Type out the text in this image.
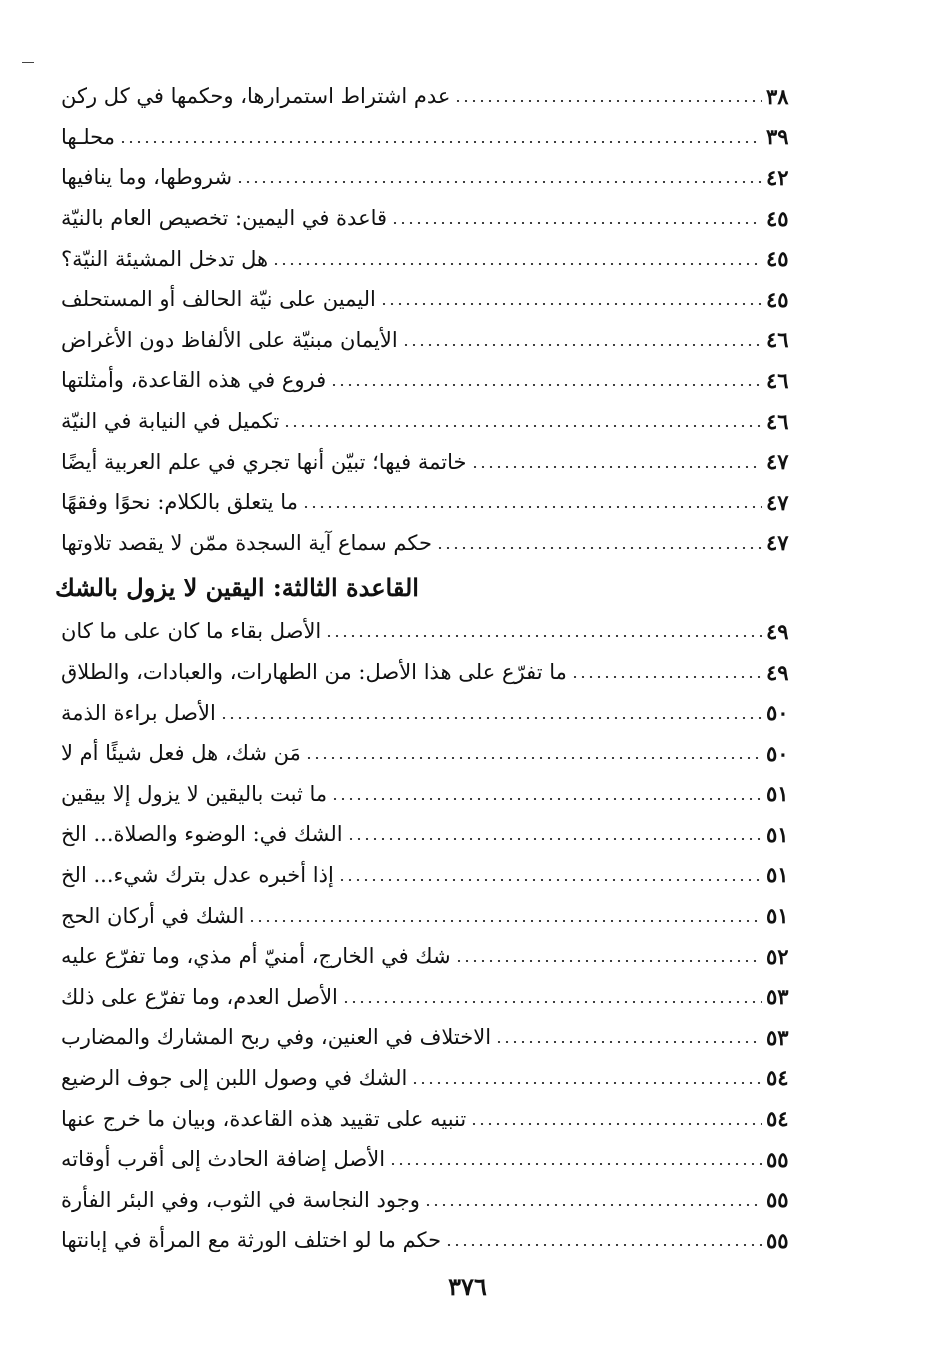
عدم اشتراط استمرارها، وحكمها في كل ركن	٣٨
محلـها	٣٩
شروطها، وما ينافيها	٤٢
قاعدة في اليمين: تخصيص العام بالنيّة	٤٥
هل تدخل المشيئة النيّة؟	٤٥
اليمين على نيّة الحالف أو المستحلف	٤٥
الأيمان مبنيّة على الألفاظ دون الأغراض	٤٦
فروع في هذه القاعدة، وأمثلتها	٤٦
تكميل في النيابة في النيّة	٤٦
خاتمة فيها؛ تبيّن أنها تجري في علم العربية أيضًا	٤٧
ما يتعلق بالكلام: نحوًا وفقهًا	٤٧
حكم سماع آية السجدة ممّن لا يقصد تلاوتها	٤٧
القاعدة الثالثة: اليقين لا يزول بالشك
الأصل بقاء ما كان على ما كان	٤٩
ما تفرّع على هذا الأصل: من الطهارات، والعبادات، والطلاق	٤٩
الأصل براءة الذمة	٥٠
مَن شك، هل فعل شيئًا أم لا	٥٠
ما ثبت باليقين لا يزول إلا بيقين	٥١
الشك في: الوضوء والصلاة... الخ	٥١
إذا أخبره عدل بترك شيء... الخ	٥١
الشك في أركان الحج	٥١
شك في الخارج، أمنيّ أم مذي، وما تفرّع عليه	٥٢
الأصل العدم، وما تفرّع على ذلك	٥٣
الاختلاف في العنين، وفي ربح المشارك والمضارب	٥٣
الشك في وصول اللبن إلى جوف الرضيع	٥٤
تنبيه على تقييد هذه القاعدة، وبيان ما خرج عنها	٥٤
الأصل إضافة الحادث إلى أقرب أوقاته	٥٥
وجود النجاسة في الثوب، وفي البئر الفأرة	٥٥
حكم ما لو اختلف الورثة مع المرأة في إبانتها	٥٥
٣٧٦
